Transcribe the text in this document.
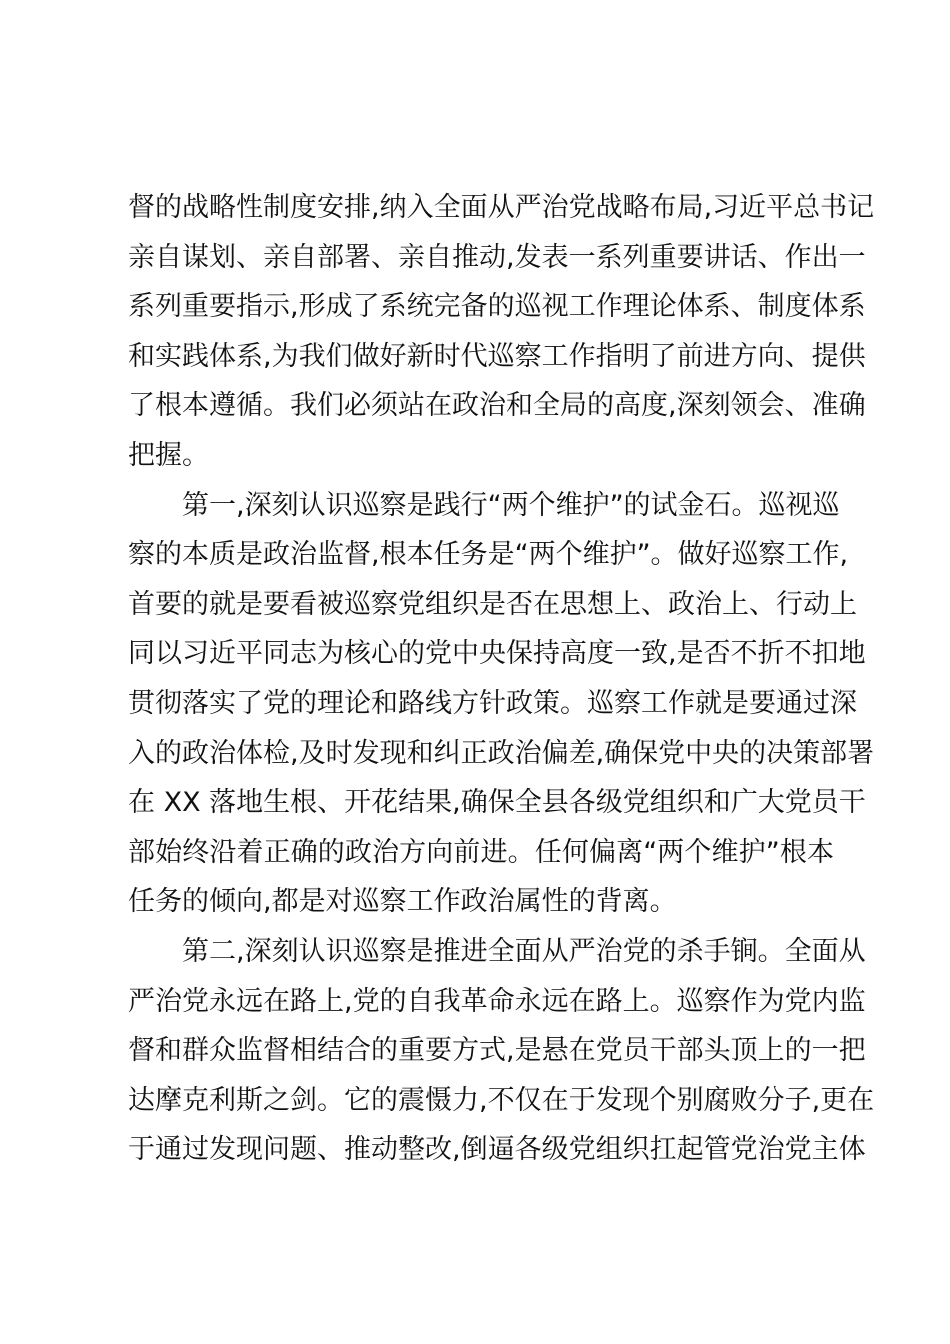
督的战略性制度安排,纳入全面从严治党战略布局,习近平总书记
亲自谋划、亲自部署、亲自推动,发表一系列重要讲话、作出一
系列重要指示,形成了系统完备的巡视工作理论体系、制度体系
和实践体系,为我们做好新时代巡察工作指明了前进方向、提供
了根本遵循。我们必须站在政治和全局的高度,深刻领会、准确
把握。
第一,深刻认识巡察是践行“两个维护”的试金石。巡视巡
察的本质是政治监督,根本任务是“两个维护”。做好巡察工作,
首要的就是要看被巡察党组织是否在思想上、政治上、行动上
同以习近平同志为核心的党中央保持高度一致,是否不折不扣地
贯彻落实了党的理论和路线方针政策。巡察工作就是要通过深
入的政治体检,及时发现和纠正政治偏差,确保党中央的决策部署
在 XX 落地生根、开花结果,确保全县各级党组织和广大党员干
部始终沿着正确的政治方向前进。任何偏离“两个维护”根本
任务的倾向,都是对巡察工作政治属性的背离。
第二,深刻认识巡察是推进全面从严治党的杀手锏。全面从
严治党永远在路上,党的自我革命永远在路上。巡察作为党内监
督和群众监督相结合的重要方式,是悬在党员干部头顶上的一把
达摩克利斯之剑。它的震慑力,不仅在于发现个别腐败分子,更在
于通过发现问题、推动整改,倒逼各级党组织扛起管党治党主体
